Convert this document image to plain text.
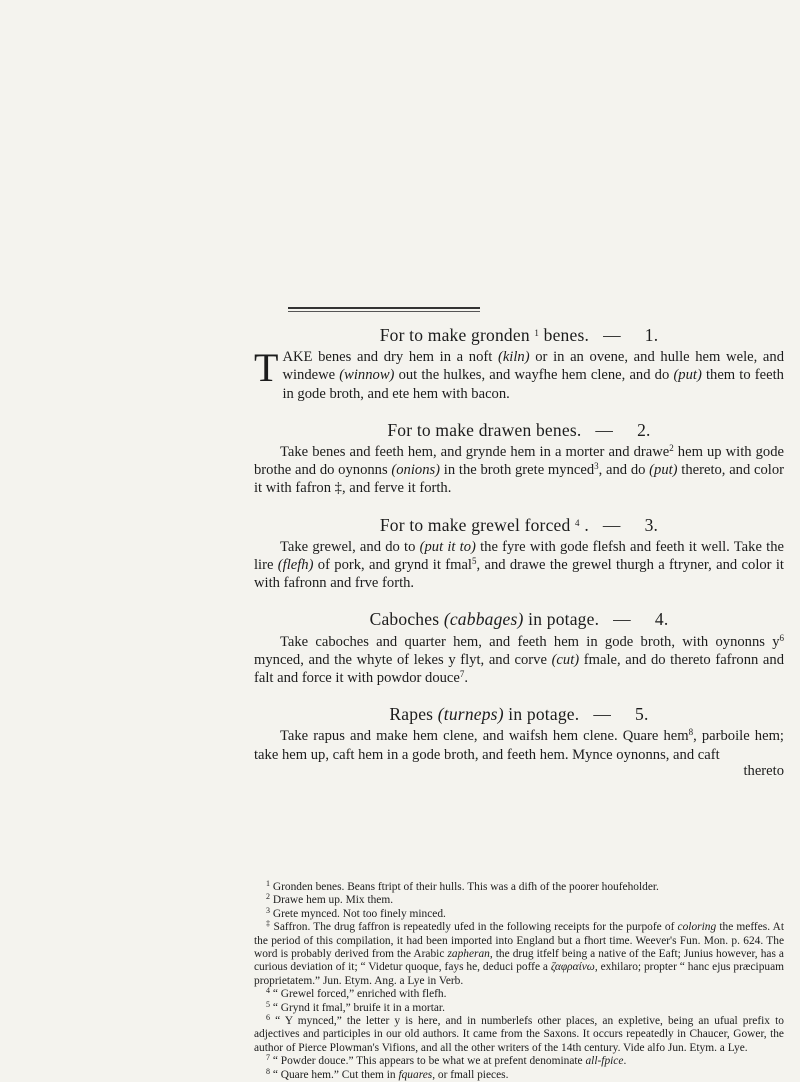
For to make gronden $^1$ benes. — 1.
TAKE benes and dry hem in a noft (kiln) or in an ovene, and hulle hem wele, and windewe (winnow) out the hulkes, and wayfhe hem clene, and do (put) them to feeth in gode broth, and ete hem with bacon.
For to make drawen benes. — 2.
Take benes and feeth hem, and grynde hem in a morter and drawe$^2$ hem up with gode brothe and do oynonns (onions) in the broth grete mynced$^3$, and do (put) thereto, and color it with fafron ‡, and ferve it forth.
For to make grewel forced $^4$ . — 3.
Take grewel, and do to (put it to) the fyre with gode flefsh and feeth it well. Take the lire (flefh) of pork, and grynd it fmal$^5$, and drawe the grewel thurgh a ftryner, and color it with fafronn and frve forth.
Caboches (cabbages) in potage. — 4.
Take caboches and quarter hem, and feeth hem in gode broth, with oynonns $y^6$ mynced, and the whyte of lekes y flyt, and corve (cut) fmale, and do thereto fafronn and falt and force it with powdor douce$^7$.
Rapes (turneps) in potage. — 5.
Take rapus and make hem clene, and waifsh hem clene. Quare hem$^8$, parboile hem; take hem up, caft hem in a gode broth, and feeth hem. Mynce oynonns, and caft
thereto

$^1$ Gronden benes. Beans ftript of their hulls. This was a difh of the poorer houfeholder.

$^2$ Drawe hem up. Mix them.

$^3$ Grete mynced. Not too finely minced.

‡ Saffron. The drug faffron is repeatedly ufed in the following receipts for the purpofe of coloring the meffes. At the period of this compilation, it had been imported into England but a fhort time. Weever's Fun. Mon. p. 624. The word is probably derived from the Arabic zapheran, the drug itfelf being a native of the Eaft; Junius however, has a curious deviation of it; “ Videtur quoque, fays he, deduci poffe a ζαφραίνω, exhilaro; propter “ hanc ejus præcipuam proprietatem.” Jun. Etym. Ang. a Lye in Verb.

$^4$ “ Grewel forced,” enriched with flefh.

$^5$ “ Grynd it fmal,” bruife it in a mortar.

$^6$ “ Y mynced,” the letter y is here, and in numberlefs other places, an expletive, being an ufual prefix to adjectives and participles in our old authors. It came from the Saxons. It occurs repeatedly in Chaucer, Gower, the author of Pierce Plowman's Vifions, and all the other writers of the 14th century. Vide alfo Jun. Etym. a Lye.

$^7$ “ Powder douce.” This appears to be what we at prefent denominate all-fpice.

$^8$ “ Quare hem.” Cut them in fquares, or fmall pieces.
